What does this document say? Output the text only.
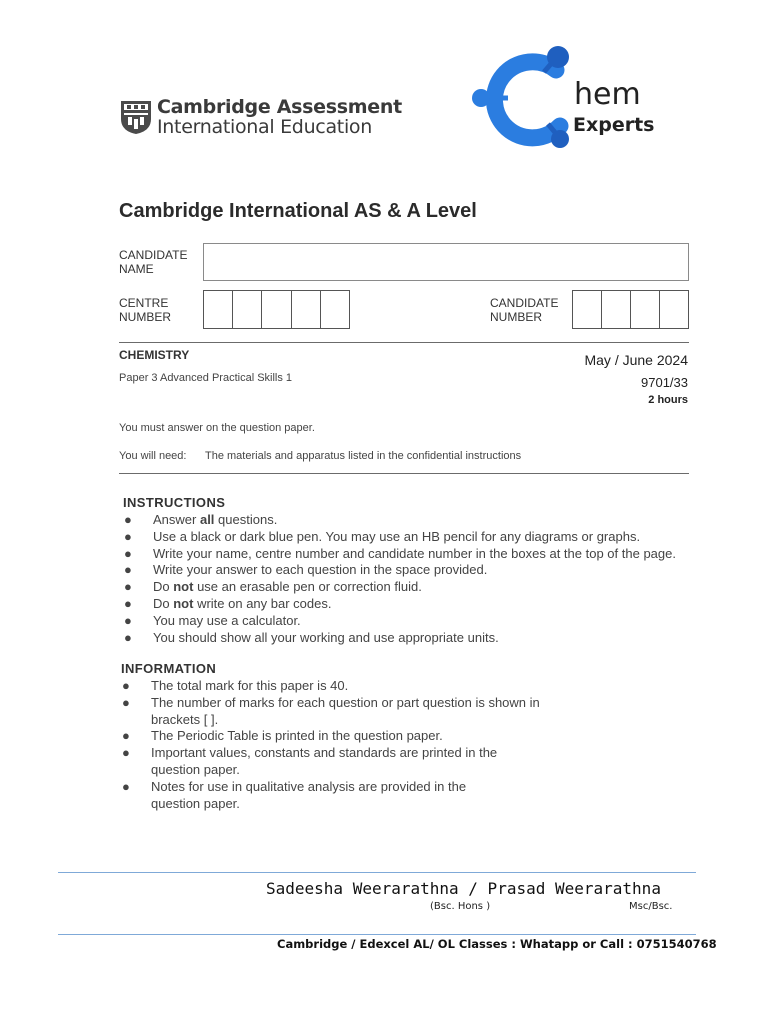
Cambridge Assessment
International Education
hem
Experts
Cambridge International AS & A Level
CANDIDATE
NAME
CENTRE
NUMBER
CANDIDATE
NUMBER
CHEMISTRY
Paper 3 Advanced Practical Skills 1
May / June 2024
9701/33
2 hours
You must answer on the question paper.
You will need: The materials and apparatus listed in the confidential instructions
INSTRUCTIONS
● Answer all questions.
● Use a black or dark blue pen. You may use an HB pencil for any diagrams or graphs.
● Write your name, centre number and candidate number in the boxes at the top of the page.
● Write your answer to each question in the space provided.
● Do not use an erasable pen or correction fluid.
● Do not write on any bar codes.
● You may use a calculator.
● You should show all your working and use appropriate units.
INFORMATION
● The total mark for this paper is 40.
● The number of marks for each question or part question is shown in
brackets [ ].
● The Periodic Table is printed in the question paper.
● Important values, constants and standards are printed in the
question paper.
● Notes for use in qualitative analysis are provided in the
question paper.
Sadeesha Weerarathna / Prasad Weerarathna
(Bsc. Hons )	Msc/Bsc.
Cambridge / Edexcel AL/ OL Classes : Whatapp or Call : 0751540768
